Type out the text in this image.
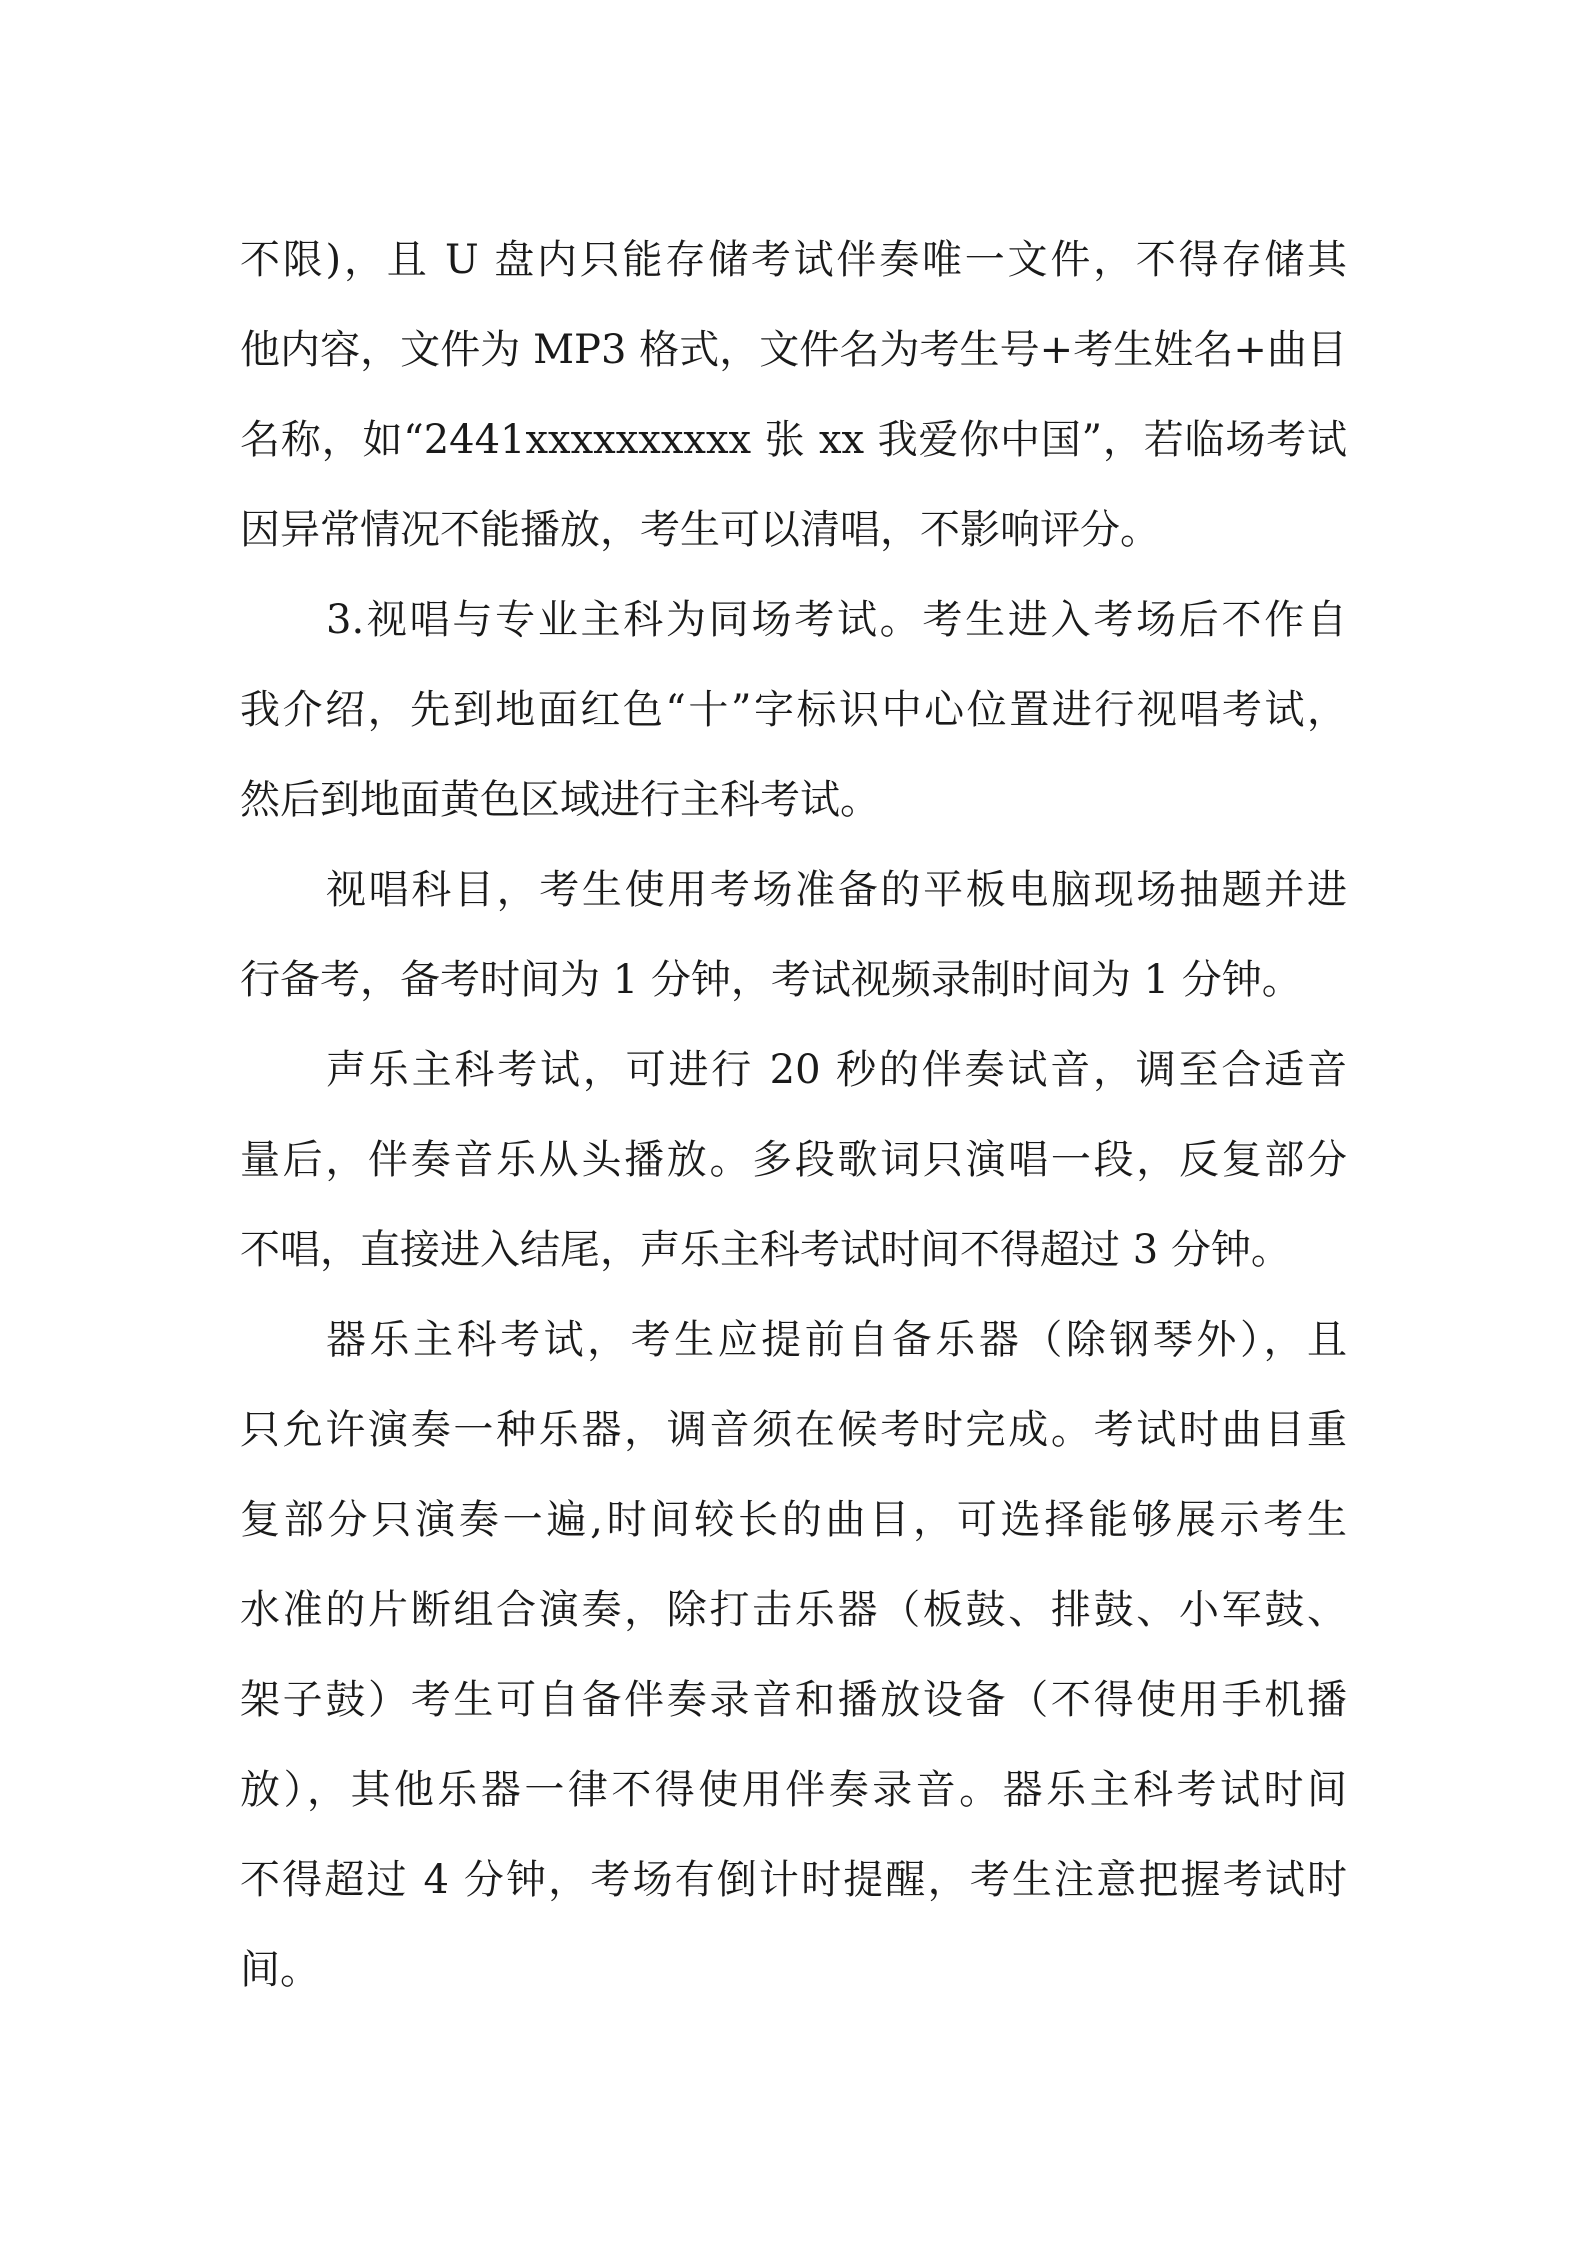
不限)，且 U 盘内只能存储考试伴奏唯一文件，不得存储其
他内容，文件为 MP3 格式，文件名为考生号+考生姓名+曲目
名称，如“2441xxxxxxxxxx 张 xx 我爱你中国”，若临场考试
因异常情况不能播放，考生可以清唱，不影响评分。
3.视唱与专业主科为同场考试。考生进入考场后不作自
我介绍，先到地面红色“十”字标识中心位置进行视唱考试，
然后到地面黄色区域进行主科考试。
视唱科目，考生使用考场准备的平板电脑现场抽题并进
行备考，备考时间为 1 分钟，考试视频录制时间为 1 分钟。
声乐主科考试，可进行 20 秒的伴奏试音，调至合适音
量后，伴奏音乐从头播放。多段歌词只演唱一段，反复部分
不唱，直接进入结尾，声乐主科考试时间不得超过 3 分钟。
器乐主科考试，考生应提前自备乐器（除钢琴外），且
只允许演奏一种乐器，调音须在候考时完成。考试时曲目重
复部分只演奏一遍,时间较长的曲目，可选择能够展示考生
水准的片断组合演奏，除打击乐器（板鼓、排鼓、小军鼓、
架子鼓）考生可自备伴奏录音和播放设备（不得使用手机播
放），其他乐器一律不得使用伴奏录音。器乐主科考试时间
不得超过 4 分钟，考场有倒计时提醒，考生注意把握考试时
间。
